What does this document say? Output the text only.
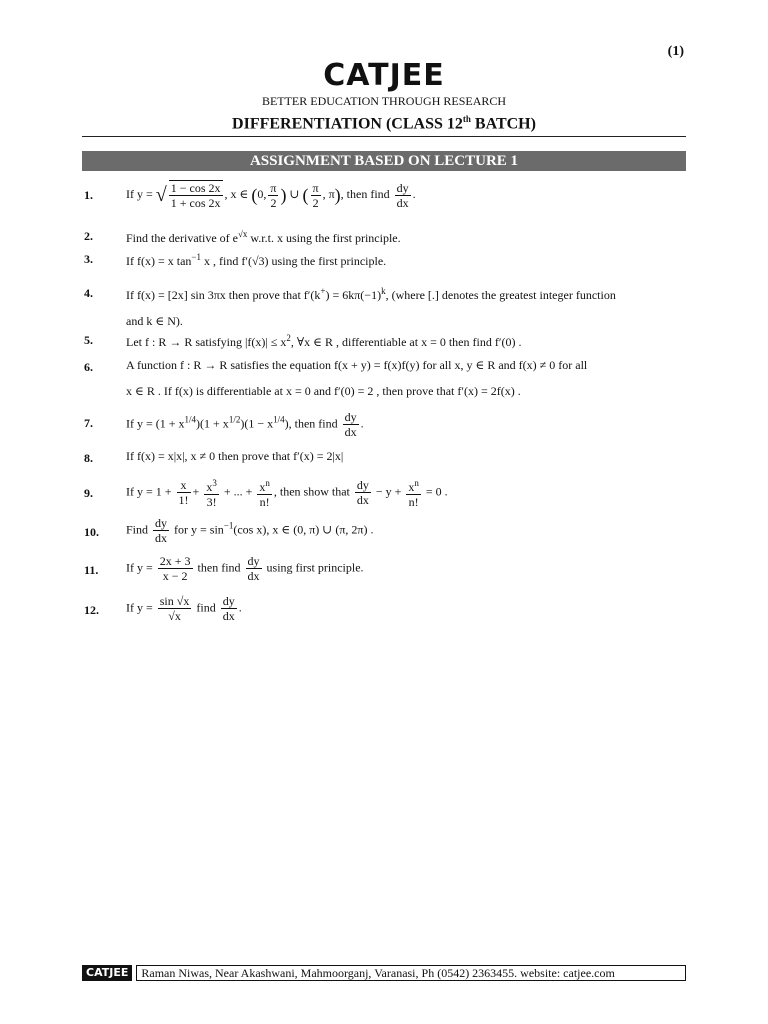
(1)
CATJEE
BETTER EDUCATION THROUGH RESEARCH
DIFFERENTIATION (CLASS 12th BATCH)
ASSIGNMENT BASED ON LECTURE 1
1.	If y = √ $\frac{1 - \cos 2x}{1 + \cos 2x}$ , x ∈ (0, $\frac{\pi}{2}$ ) ∪ ( $\frac{\pi}{2}$ , π), then find $\frac{dy}{dx}$ .
2.	Find the derivative of $e^{√x}$ w.r.t. x using the first principle.
3.	If f(x) = x $\tan^{-1} x$ , find f′(√3) using the first principle.
4.	If f(x) = [2x] sin 3πx then prove that $f'(k^+) = 6k\pi(-1)^k$, (where [.] denotes the greatest integer function
and k ∈ N).
5.	Let f : R → R satisfying $|f(x)| \le x^2$, ∀x ∈ R , differentiable at x = 0 then find f′(0) .
6.	A function f : R → R satisfies the equation f(x + y) = f(x)f(y) for all x, y ∈ R and f(x) ≠ 0 for all
x ∈ R . If f(x) is differentiable at x = 0 and f′(0) = 2 , then prove that f′(x) = 2f(x) .
7.	If $y = (1 + x^{1/4})(1 + x^{1/2})(1 - x^{1/4})$, then find $\frac{dy}{dx}$ .
8.	If f(x) = x|x|, x ≠ 0 then prove that f′(x) = 2|x|
9.	If $y = 1 + \frac{x}{1!} + \frac{x^3}{3!}$ + ... + $\frac{x^n}{n!}$ , then show that $\frac{dy}{dx} - y + \frac{x^n}{n!} = 0$ .
10. Find $\frac{dy}{dx}$ for $y = \sin^{-1}(\cos$ x), x ∈ (0, π) ∪ (π, 2π) .
11. If $y = \frac{2x + 3}{x - 2}$ then find $\frac{dy}{dx}$ using first principle.
12. If $y = \frac{\sin √x}{√x}$ find $\frac{dy}{dx}$ .
CATJEE	Raman Niwas, Near Akashwani, Mahmoorganj, Varanasi, Ph (0542) 2363455. website: catjee.com
